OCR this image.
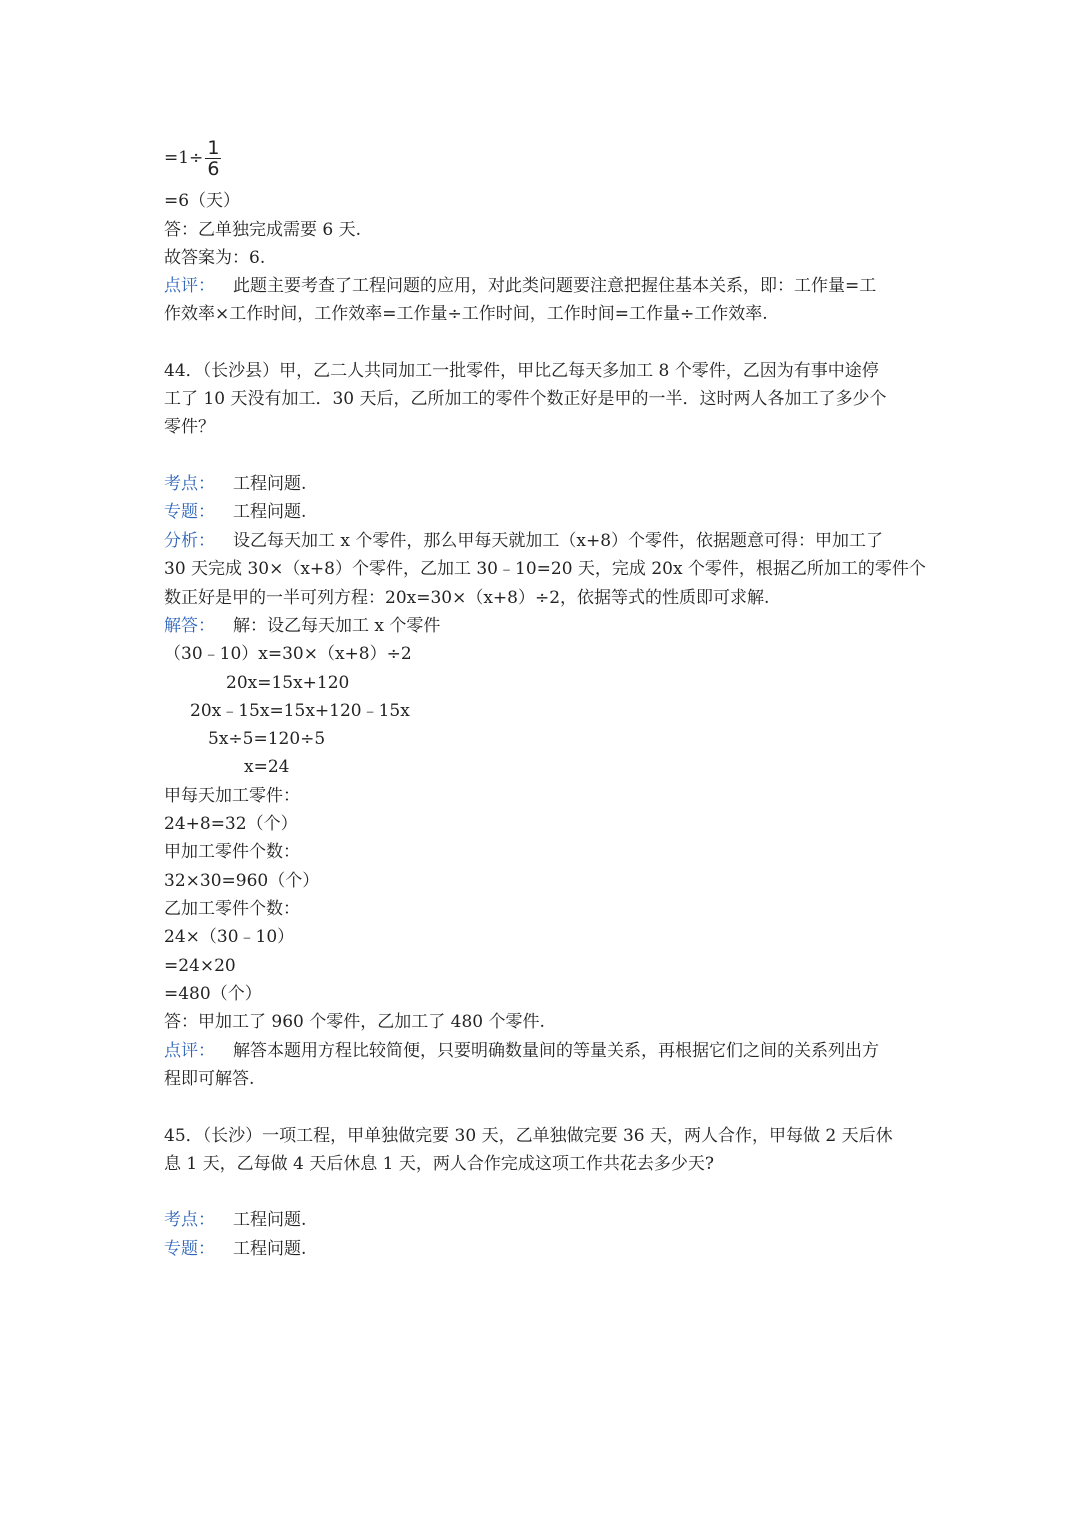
$=1\div \frac{1}{6}$
=6（天）
答：乙单独完成需要 6 天.
故答案为：6.
点评： 此题主要考查了工程问题的应用，对此类问题要注意把握住基本关系，即：工作量=工
作效率×工作时间，工作效率=工作量÷工作时间，工作时间=工作量÷工作效率.
44．（长沙县）甲，乙二人共同加工一批零件，甲比乙每天多加工 8 个零件，乙因为有事中途停
工了 10 天没有加工．30 天后，乙所加工的零件个数正好是甲的一半．这时两人各加工了多少个
零件？
考点： 工程问题.
专题： 工程问题.
分析： 设乙每天加工 x 个零件，那么甲每天就加工（x+8）个零件，依据题意可得：甲加工了
30 天完成 30×（x+8）个零件，乙加工 30﹣10=20 天，完成 20x 个零件，根据乙所加工的零件个
数正好是甲的一半可列方程：20x=30×（x+8）÷2，依据等式的性质即可求解.
解答： 解：设乙每天加工 x 个零件
（30﹣10）x=30×（x+8）÷2
20x=15x+120
20x﹣15x=15x+120﹣15x
5x÷5=120÷5
x=24
甲每天加工零件：
24+8=32（个）
甲加工零件个数：
32×30=960（个）
乙加工零件个数：
24×（30﹣10）
=24×20
=480（个）
答：甲加工了 960 个零件，乙加工了 480 个零件.
点评： 解答本题用方程比较简便，只要明确数量间的等量关系，再根据它们之间的关系列出方
程即可解答.
45．（长沙）一项工程，甲单独做完要 30 天，乙单独做完要 36 天，两人合作，甲每做 2 天后休
息 1 天，乙每做 4 天后休息 1 天，两人合作完成这项工作共花去多少天?
考点： 工程问题.
专题： 工程问题.
